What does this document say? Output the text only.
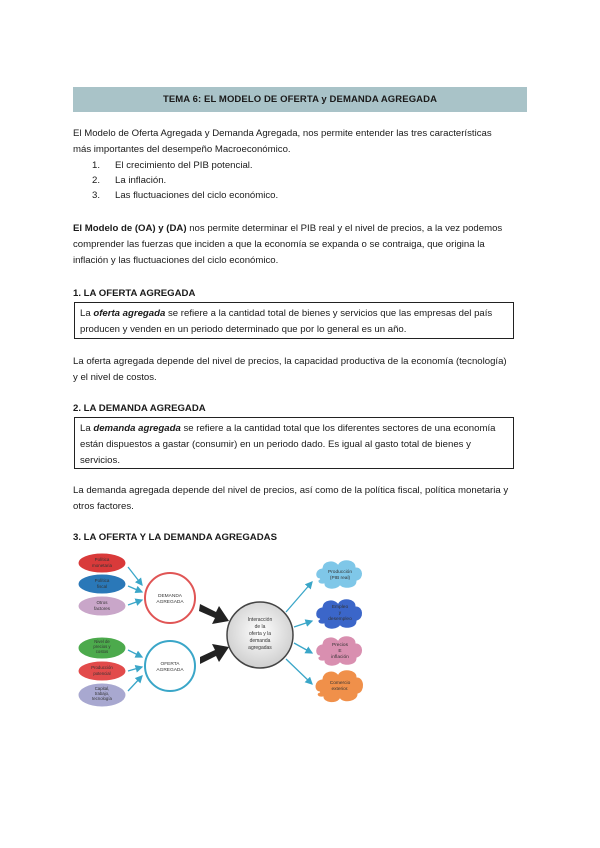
TEMA 6: EL MODELO DE OFERTA y DEMANDA AGREGADA

El Modelo de Oferta Agregada y Demanda Agregada, nos permite entender las tres características
más importantes del desempeño Macroeconómico.

1. El crecimiento del PIB potencial.
2. La inflación.
3. Las fluctuaciones del ciclo económico.

El Modelo de (OA) y (DA) nos permite determinar el PIB real y el nivel de precios, a la vez podemos
comprender las fuerzas que inciden a que la economía se expanda o se contraiga, que origina la
inflación y las fluctuaciones del ciclo económico.

1. LA OFERTA AGREGADA
La oferta agregada se refiere a la cantidad total de bienes y servicios que las empresas del país
producen y venden en un periodo determinado que por lo general es un año.

La oferta agregada depende del nivel de precios, la capacidad productiva de la economía (tecnología)
y el nivel de costos.

2. LA DEMANDA AGREGADA
La demanda agregada se refiere a la cantidad total que los diferentes sectores de una economía
están dispuestos a gastar (consumir) en un periodo dado. Es igual al gasto total de bienes y
servicios.

La demanda agregada depende del nivel de precios, así como de la política fiscal, política monetaria y
otros factores.

3. LA OFERTA Y LA DEMANDA AGREGADAS
Política
monetaria
Política
fiscal
Otros
factores
Nivel de
precios y
costos
Producción
potencial
Capital,
trabajo,
tecnología
DEMANDA
AGREGADA
OFERTA
AGREGADA
Interacción
de la
oferta y la
demanda
agregadas
Producción
(PIB real)
Empleo
y
desempleo
Precios
E
inflación
Comercio
exterior.
